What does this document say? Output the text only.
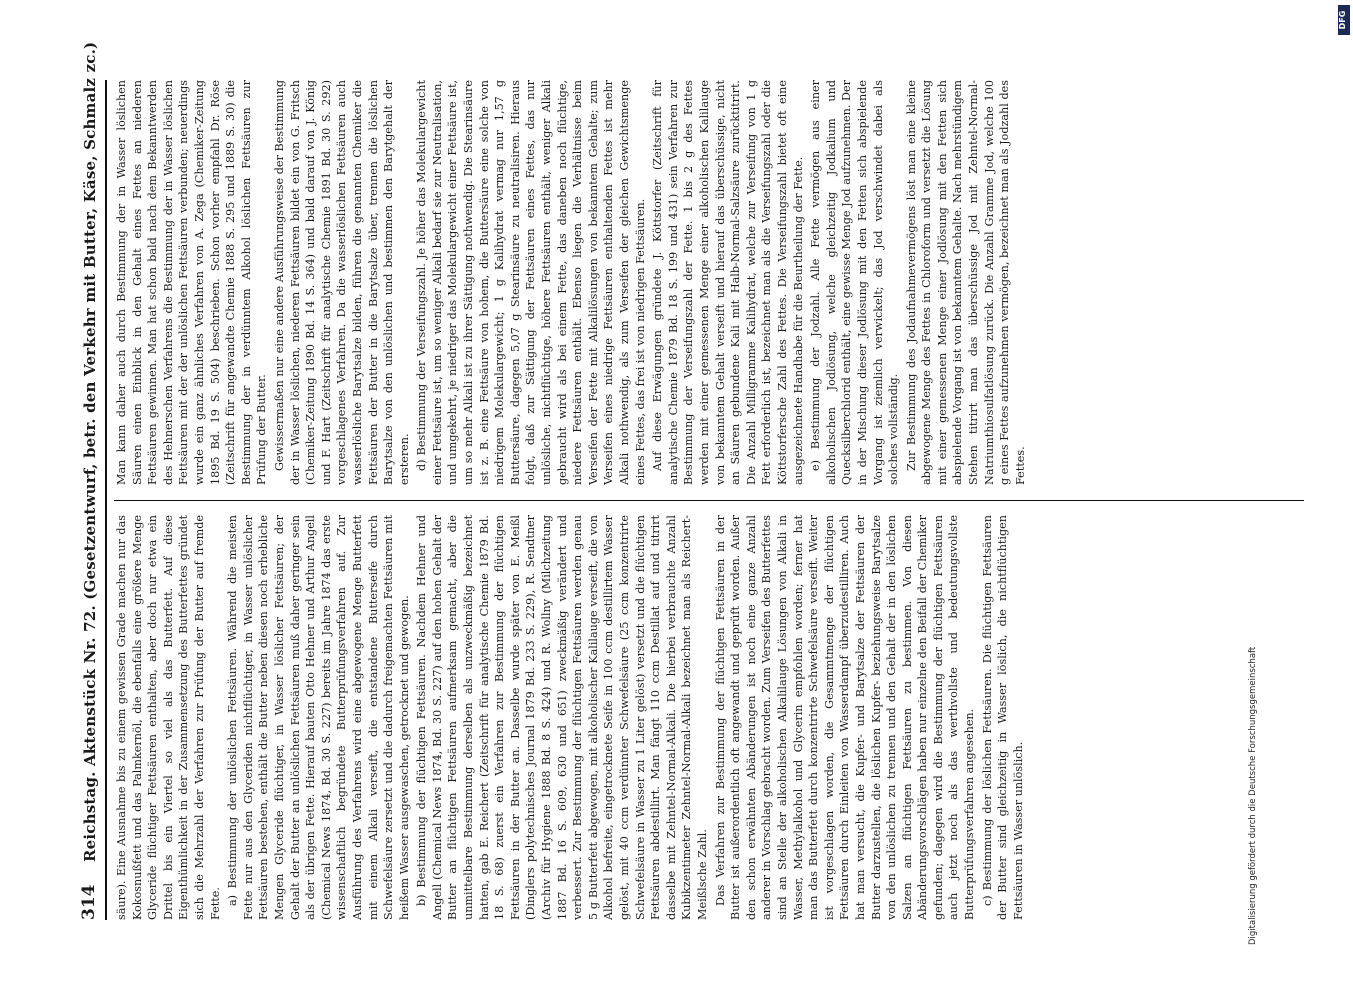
314
Reichstag. Aktenstück Nr. 72. (Gesetzentwurf, betr. den Verkehr mit Butter, Käse, Schmalz zc.) säure). Eine Ausnahme bis zu einem gewissen Grade machen nur das Kokosnußfett und das Palmkernöl, die ebenfalls eine größere Menge Glyceride flüchtiger Fettsäuren enthalten, aber doch nur etwa ein Drittel bis ein Viertel so viel als das Butterfett. Auf diese Eigenthümlichkeit in der Zusammensetzung des Butterfettes gründet sich die Mehrzahl der Verfahren zur Prüfung der Butter auf fremde Fette. a) Bestimmung der unlöslichen Fettsäuren. Während die meisten Fette nur aus den Glyceriden nichtflüchtiger, in Wasser unlöslicher Fettsäuren bestehen, enthält die Butter neben diesen noch erhebliche Mengen Glyceride flüchtiger, in Wasser löslicher Fettsäuren; der Gehalt der Butter an unlöslichen Fettsäuren muß daher geringer sein als der übrigen Fette. Hierauf bauten Otto Hehner und Arthur Angell (Chemical News 1874, Bd. 30 S. 227) bereits im Jahre 1874 das erste wissenschaftlich begründete Butterprüfungsverfahren auf. Zur Ausführung des Verfahrens wird eine abgewogene Menge Butterfett mit einem Alkali verseift, die entstandene Butterseife durch Schwefelsäure zersetzt und die dadurch freigemachten Fettsäuren mit heißem Wasser ausgewaschen, getrocknet und gewogen. b) Bestimmung der flüchtigen Fettsäuren. Nachdem Hehner und Angell (Chemical News 1874, Bd. 30 S. 227) auf den hohen Gehalt der Butter an flüchtigen Fettsäuren aufmerksam gemacht, aber die unmittelbare Bestimmung derselben als unzweckmäßig bezeichnet hatten, gab E. Reichert (Zeitschrift für analytische Chemie 1879 Bd. 18 S. 68) zuerst ein Verfahren zur Bestimmung der flüchtigen Fettsäuren in der Butter an. Dasselbe wurde später von E. Meißl (Dinglers polytechnisches Journal 1879 Bd. 233 S. 229), R. Sendtner (Archiv für Hygiene 1888 Bd. 8 S. 424) und R. Wollny (Milchzeitung 1887 Bd. 16 S. 609, 630 und 651) zweckmäßig verändert und verbessert. Zur Bestimmung der flüchtigen Fettsäuren werden genau 5 g Butterfett abgewogen, mit alkoholischer Kalilauge verseift, die von Alkohol befreite, eingetrocknete Seife in 100 ccm destillirtem Wasser gelöst, mit 40 ccm verdünnter Schwefelsäure (25 ccm konzentrirte Schwefelsäure in Wasser zu 1 Liter gelöst) versetzt und die flüchtigen Fettsäuren abdestillirt. Man fängt 110 ccm Destillat auf und titrirt dasselbe mit Zehntel-Normal-Alkali. Die hierbei verbrauchte Anzahl Kubikzentimeter Zehntel-Normal-Alkali bezeichnet man als Reichert-Meißlsche Zahl. Das Verfahren zur Bestimmung der flüchtigen Fettsäuren in der Butter ist außerordentlich oft angewandt und geprüft worden. Außer den schon erwähnten Abänderungen ist noch eine ganze Anzahl anderer in Vorschlag gebracht worden. Zum Verseifen des Butterfettes sind an Stelle der alkoholischen Alkalilauge Lösungen von Alkali in Wasser, Methylalkohol und Glycerin empfohlen worden; ferner hat man das Butterfett durch konzentrirte Schwefelsäure verseift. Weiter ist vorgeschlagen worden, die Gesammtmenge der flüchtigen Fettsäuren durch Einleiten von Wasserdampf überzudestilliren. Auch hat man versucht, die Kupfer- und Barytsalze der Fettsäuren der Butter darzustellen, die löslichen Kupfer- beziehungsweise Barytsalze von den unlöslichen zu trennen und den Gehalt der in den löslichen Salzen an flüchtigen Fettsäuren zu bestimmen. Von diesen Abänderungsvorschlägen haben nur einzelne den Beifall der Chemiker gefunden; dagegen wird die Bestimmung der flüchtigen Fettsäuren auch jetzt noch als das werthvollste und bedeutungsvollste Butterprüfungsverfahren angesehen. c) Bestimmung der löslichen Fettsäuren. Die flüchtigen Fettsäuren der Butter sind gleichzeitig in Wasser löslich, die nichtflüchtigen Fettsäuren in Wasser unlöslich.

Man kann daher auch durch Bestimmung der in Wasser löslichen Säuren einen Einblick in den Gehalt eines Fettes an niederen Fettsäuren gewinnen. Man hat schon bald nach dem Bekanntwerden des Hehnerschen Verfahrens die Bestimmung der in Wasser löslichen Fettsäuren mit der der unlöslichen Fettsäuren verbunden; neuerdings wurde ein ganz ähnliches Verfahren von A. Zega (Chemiker-Zeitung 1895 Bd. 19 S. 504) beschrieben. Schon vorher empfahl Dr. Röse (Zeitschrift für angewandte Chemie 1888 S. 295 und 1889 S. 30) die Bestimmung der in verdünntem Alkohol löslichen Fettsäuren zur Prüfung der Butter. Gewissermaßen nur eine andere Ausführungsweise der Bestimmung der in Wasser löslichen, niederen Fettsäuren bildet ein von G. Fritsch (Chemiker-Zeitung 1890 Bd. 14 S. 364) und bald darauf von J. König und F. Hart (Zeitschrift für analytische Chemie 1891 Bd. 30 S. 292) vorgeschlagenes Verfahren. Da die wasserlöslichen Fettsäuren auch wasserlösliche Barytsalze bilden, führen die genannten Chemiker die Fettsäuren der Butter in die Barytsalze über, trennen die löslichen Barytsalze von den unlöslichen und bestimmen den Barytgehalt der ersteren. d) Bestimmung der Verseifungszahl. Je höher das Molekulargewicht einer Fettsäure ist, um so weniger Alkali bedarf sie zur Neutralisation, und umgekehrt, je niedriger das Molekulargewicht einer Fettsäure ist, um so mehr Alkali ist zu ihrer Sättigung nothwendig. Die Stearinsäure ist z. B. eine Fettsäure von hohem, die Buttersäure eine solche von niedrigem Molekulargewicht; 1 g Kalihydrat vermag nur 1,57 g Buttersäure, dagegen 5,07 g Stearinsäure zu neutralisiren. Hieraus folgt, daß zur Sättigung der Fettsäuren eines Fettes, das nur unlösliche, nichtflüchtige, höhere Fettsäuren enthält, weniger Alkali gebraucht wird als bei einem Fette, das daneben noch flüchtige, niedere Fettsäuren enthält. Ebenso liegen die Verhältnisse beim Verseifen der Fette mit Alkalilösungen von bekanntem Gehalte; zum Verseifen eines niedrige Fettsäuren enthaltenden Fettes ist mehr Alkali nothwendig, als zum Verseifen der gleichen Gewichtsmenge eines Fettes, das frei ist von niedrigen Fettsäuren. Auf diese Erwägungen gründete J. Köttstorfer (Zeitschrift für analytische Chemie 1879 Bd. 18 S. 199 und 431) sein Verfahren zur Bestimmung der Verseifungszahl der Fette. 1 bis 2 g des Fettes werden mit einer gemessenen Menge einer alkoholischen Kalilauge von bekanntem Gehalt verseift und hierauf das überschüssige, nicht an Säuren gebundene Kali mit Halb-Normal-Salzsäure zurücktitrirt. Die Anzahl Milligramme Kalihydrat, welche zur Verseifung von 1 g Fett erforderlich ist, bezeichnet man als die Verseifungszahl oder die Köttstorfersche Zahl des Fettes. Die Verseifungszahl bietet oft eine ausgezeichnete Handhabe für die Beurtheilung der Fette. e) Bestimmung der Jodzahl. Alle Fette vermögen aus einer alkoholischen Jodlösung, welche gleichzeitig Jodkalium und Quecksilberchlorid enthält, eine gewisse Menge Jod aufzunehmen. Der in der Mischung dieser Jodlösung mit den Fetten sich abspielende Vorgang ist ziemlich verwickelt; das Jod verschwindet dabei als solches vollständig. Zur Bestimmung des Jodaufnahmevermögens löst man eine kleine abgewogene Menge des Fettes in Chloroform und versetzt die Lösung mit einer gemessenen Menge einer Jodlösung mit den Fetten sich abspielende Vorgang ist von bekanntem Gehalte. Nach mehrstündigem Stehen titrirt man das überschüssige Jod mit Zehntel-Normal-Natriumthiosulfatlösung zurück. Die Anzahl Gramme Jod, welche 100 g eines Fettes aufzunehmen vermögen, bezeichnet man als Jodzahl des Fettes.

Digitalisierung gefördert durch die Deutsche Forschungsgemeinschaft
DFG
